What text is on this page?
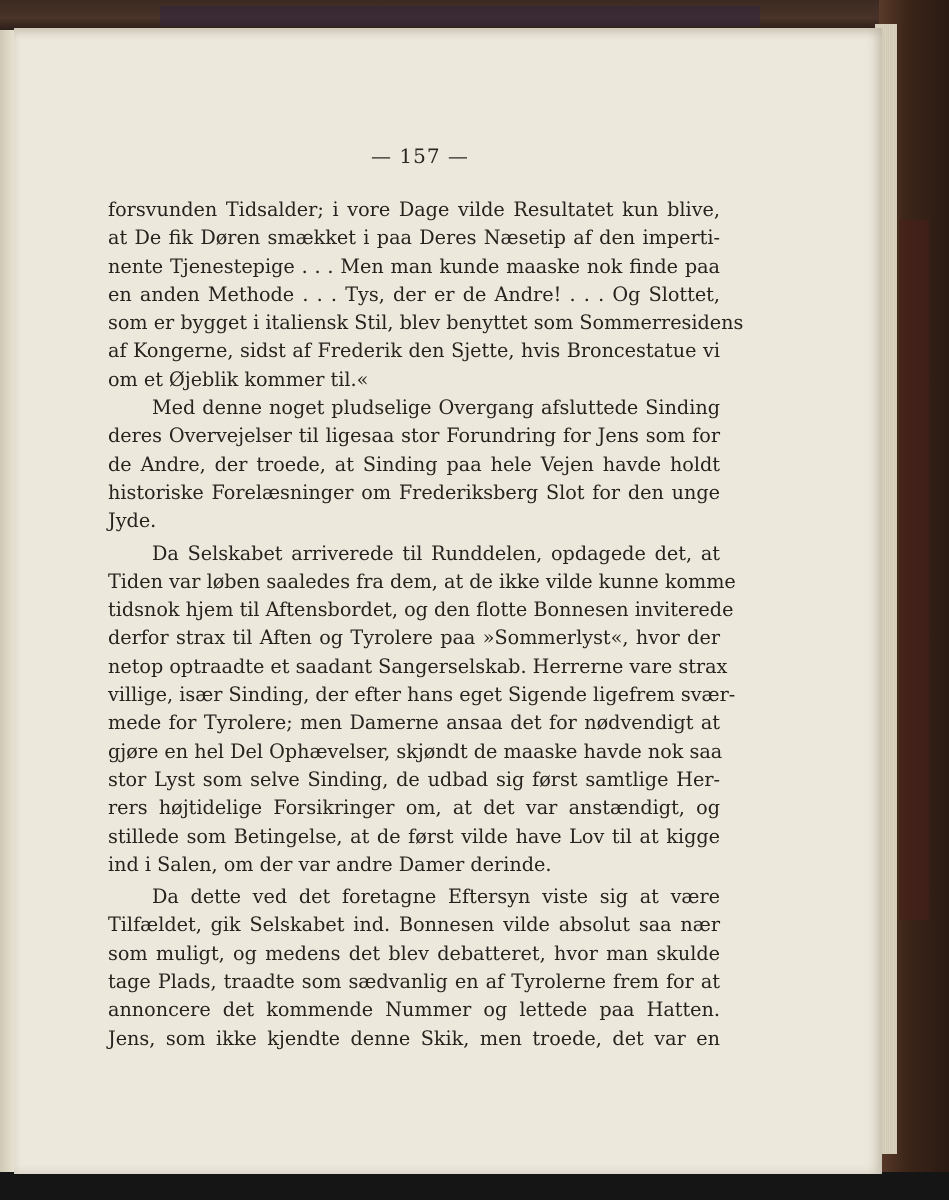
— 157 —
forsvunden Tidsalder; i vore Dage vilde Resultatet kun blive,
at De fik Døren smækket i paa Deres Næsetip af den imperti-
nente Tjenestepige . . . Men man kunde maaske nok finde paa
en anden Methode . . . Tys, der er de Andre! . . . Og Slottet,
som er bygget i italiensk Stil, blev benyttet som Sommerresidens
af Kongerne, sidst af Frederik den Sjette, hvis Broncestatue vi
om et Øjeblik kommer til.«
Med denne noget pludselige Overgang afsluttede Sinding
deres Overvejelser til ligesaa stor Forundring for Jens som for
de Andre, der troede, at Sinding paa hele Vejen havde holdt
historiske Forelæsninger om Frederiksberg Slot for den unge
Jyde.
Da Selskabet arriverede til Runddelen, opdagede det, at
Tiden var løben saaledes fra dem, at de ikke vilde kunne komme
tidsnok hjem til Aftensbordet, og den flotte Bonnesen inviterede
derfor strax til Aften og Tyrolere paa »Sommerlyst«, hvor der
netop optraadte et saadant Sangerselskab. Herrerne vare strax
villige, især Sinding, der efter hans eget Sigende ligefrem svær-
mede for Tyrolere; men Damerne ansaa det for nødvendigt at
gjøre en hel Del Ophævelser, skjøndt de maaske havde nok saa
stor Lyst som selve Sinding, de udbad sig først samtlige Her-
rers højtidelige Forsikringer om, at det var anstændigt, og
stillede som Betingelse, at de først vilde have Lov til at kigge
ind i Salen, om der var andre Damer derinde.
Da dette ved det foretagne Eftersyn viste sig at være
Tilfældet, gik Selskabet ind. Bonnesen vilde absolut saa nær
som muligt, og medens det blev debatteret, hvor man skulde
tage Plads, traadte som sædvanlig en af Tyrolerne frem for at
annoncere det kommende Nummer og lettede paa Hatten.
Jens, som ikke kjendte denne Skik, men troede, det var en
